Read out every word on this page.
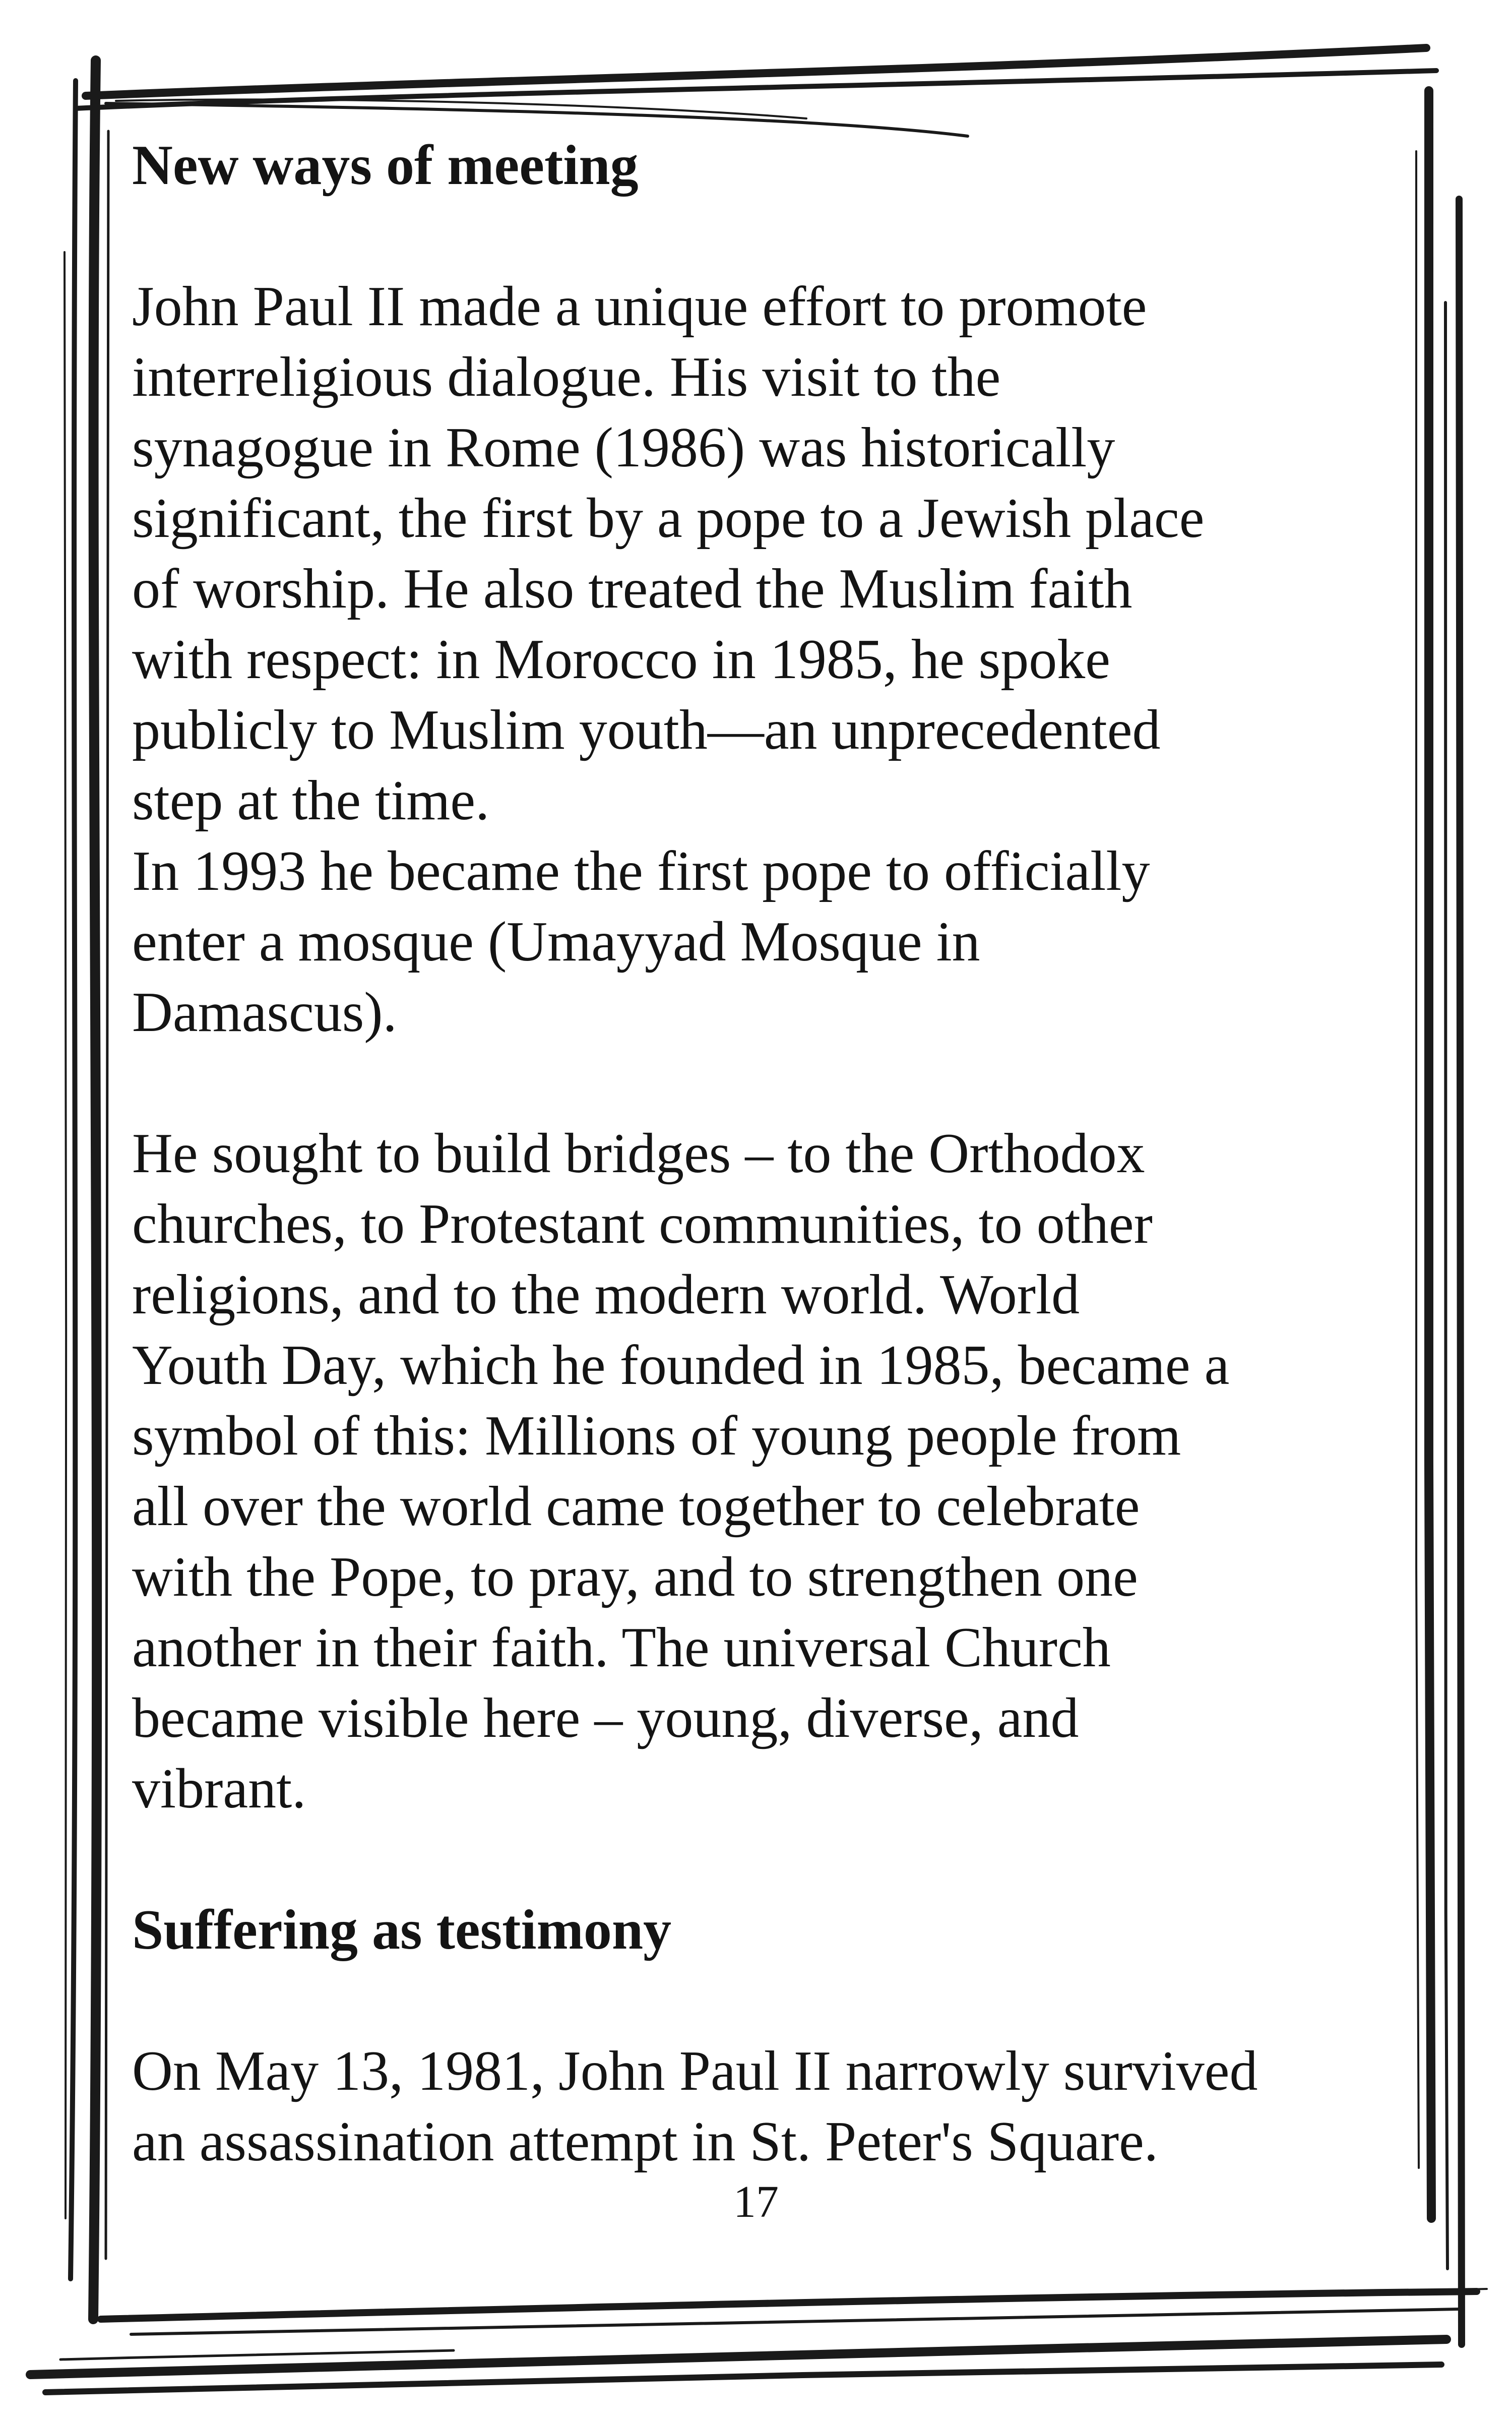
New ways of meeting

John Paul II made a unique effort to promote
interreligious dialogue. His visit to the
synagogue in Rome (1986) was historically
significant, the first by a pope to a Jewish place
of worship. He also treated the Muslim faith
with respect: in Morocco in 1985, he spoke
publicly to Muslim youth—an unprecedented
step at the time.
In 1993 he became the first pope to officially
enter a mosque (Umayyad Mosque in
Damascus).

He sought to build bridges – to the Orthodox
churches, to Protestant communities, to other
religions, and to the modern world. World
Youth Day, which he founded in 1985, became a
symbol of this: Millions of young people from
all over the world came together to celebrate
with the Pope, to pray, and to strengthen one
another in their faith. The universal Church
became visible here – young, diverse, and
vibrant.

Suffering as testimony

On May 13, 1981, John Paul II narrowly survived
an assassination attempt in St. Peter's Square.

17
